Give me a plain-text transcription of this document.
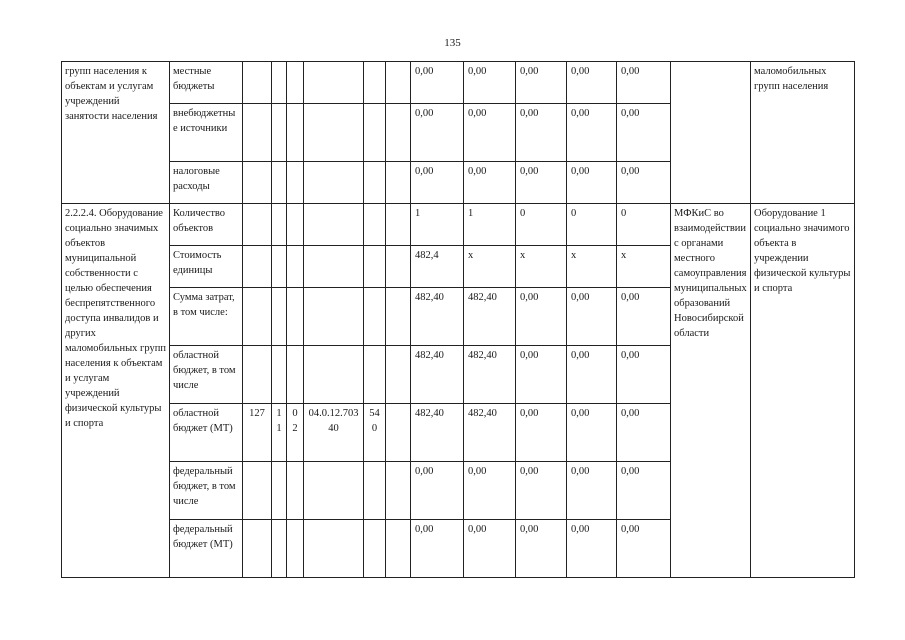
135
групп населения к объектам и услугам учреждений занятости населения	местные бюджеты							0,00	0,00	0,00	0,00	0,00		маломобильных групп населения
	внебюджетные источники							0,00	0,00	0,00	0,00	0,00		
	налоговые расходы							0,00	0,00	0,00	0,00	0,00		
2.2.2.4. Оборудование социально значимых объектов муниципальной собственности с целью обеспечения беспрепятственного доступа инвалидов и других маломобильных групп населения к объектам и услугам учреждений физической культуры и спорта	Количество объектов							1	1	0	0	0	МФКиС во взаимодействии с органами местного самоуправления муниципальных образований Новосибирской области	Оборудование 1 социально значимого объекта в учреждении физической культуры и спорта
	Стоимость единицы							482,4	х	х	х	х		
	Сумма затрат, в том числе:							482,40	482,40	0,00	0,00	0,00		
	областной бюджет, в том числе							482,40	482,40	0,00	0,00	0,00		
	областной бюджет (МТ)	127	1 1	0 2	04.0.12.70340	54 0		482,40	482,40	0,00	0,00	0,00		
	федеральный бюджет, в том числе							0,00	0,00	0,00	0,00	0,00		
	федеральный бюджет (МТ)							0,00	0,00	0,00	0,00	0,00		
